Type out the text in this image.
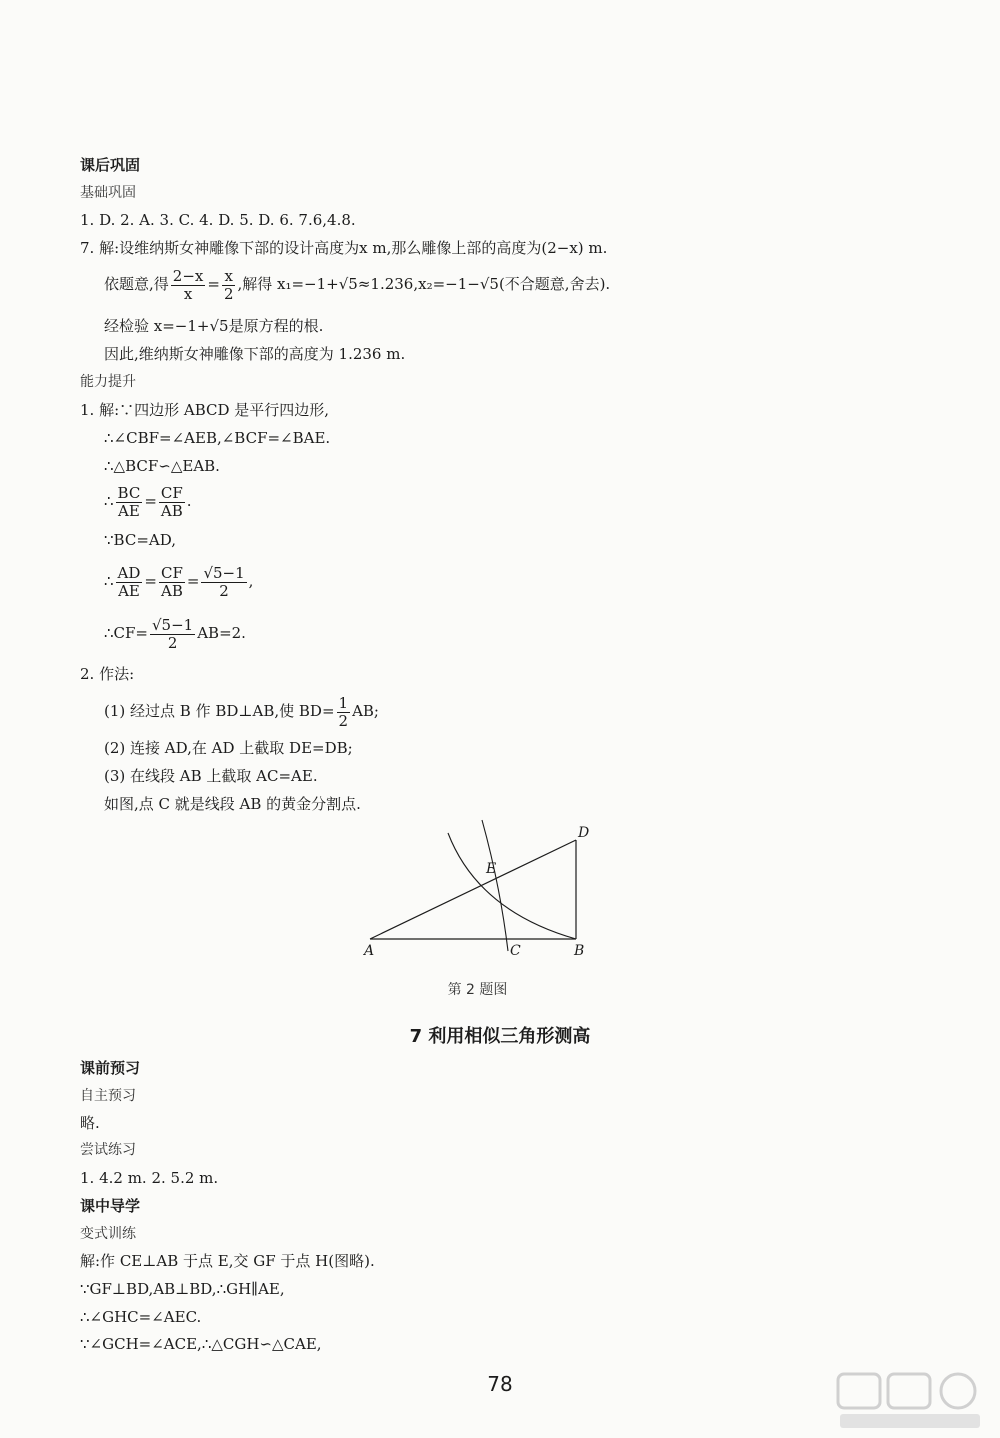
课后巩固
基础巩固
1. D. 2. A. 3. C. 4. D. 5. D. 6. 7.6,4.8.
7. 解:设维纳斯女神雕像下部的设计高度为x m,那么雕像上部的高度为(2−x) m.
依题意,得 $\frac{2-x}{x} = \frac{x}{2}$ ,解得 x₁=−1+√5≈1.236,x₂=−1−√5(不合题意,舍去).
经检验 x=−1+√5是原方程的根.
因此,维纳斯女神雕像下部的高度为 1.236 m.
能力提升
1. 解:∵四边形 ABCD 是平行四边形,
∴∠CBF=∠AEB,∠BCF=∠BAE.
∴△BCF∽△EAB.
∴ $\frac{BC}{AE} = \frac{CF}{AB}$ .
∵BC=AD,
∴ $\frac{AD}{AE} = \frac{CF}{AB} = \frac{√5-1}{2}$ ,
∴CF= $\frac{√5-1}{2} AB=2$.
2. 作法:
(1) 经过点 B 作 BD⊥AB,使 $BD= \frac{1}{2}$ AB;
(2) 连接 AD,在 AD 上截取 DE=DB;
(3) 在线段 AB 上截取 AC=AE.
如图,点 C 就是线段 AB 的黄金分割点.
A	B
C
D
E
第 2 题图
7 利用相似三角形测高
课前预习
自主预习
略.
尝试练习
1. 4.2 m. 2. 5.2 m.
课中导学
变式训练
解:作 CE⊥AB 于点 E,交 GF 于点 H(图略).
∵GF⊥BD,AB⊥BD,∴GH∥AE,
∴∠GHC=∠AEC.
∵∠GCH=∠ACE,∴△CGH∽△CAE,
78
